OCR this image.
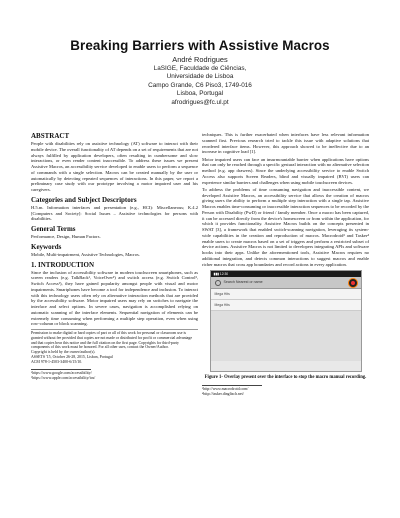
Breaking Barriers with Assistive Macros
André Rodrigues
LaSIGE, Faculdade de Ciências,
Universidade de Lisboa
Campo Grande, C6 Piso3, 1749-016
Lisboa, Portugal
afrodrigues@fc.ul.pt
ABSTRACT

People with disabilities rely on assistive technology (AT) software to interact with their mobile device. The overall functionality of AT depends on a set of requirements that are not always fulfilled by application developers, often resulting in cumbersome and slow interactions, or even render content inaccessible. To address these issues we present Assistive Macros, an accessibility service developed to enable users to perform a sequence of commands with a single selection. Macros can be created manually by the user or automatically by detecting repeated sequences of interactions. In this paper, we report a preliminary case study with our prototype involving a motor impaired user and his caregivers.

Categories and Subject Descriptors

H.5.m. Information interfaces and presentation (e.g., HCI): Miscellaneous; K.4.2 [Computers and Society]: Social Issues – Assistive technologies for persons with disabilities.

General Terms

Performance, Design, Human Factors.

Keywords

Mobile, Multi-impairment, Assistive Technologies, Macros.

1. INTRODUCTION

Since the inclusion of accessibility software in modern touchscreen smartphones, such as screen readers (e.g. TalkBack¹, VoiceOver²) and switch access (e.g. Switch Control³, Switch Access¹), they have gained popularity amongst people with visual and motor impairments. Smartphones have become a tool for independence and inclusion. To interact with this technology users often rely on alternative interaction methods that are provided by the accessibility software. Motor impaired users may rely on switches to navigate the interface and select options. In severe cases, navigation is accomplished relying on automatic scanning of the interface elements. Sequential navigation of elements can be extremely time consuming when performing a multiple step operation, even when using row-column or block scanning.

Permission to make digital or hard copies of part or all of this work for personal or classroom use is granted without fee provided that copies are not made or distributed for profit or commercial advantage and that copies bear this notice and the full citation on the first page. Copyrights for third-party components of this work must be honored. For all other uses, contact the Owner/Author.
Copyright is held by the owner/author(s).
ASSETS '15, October 26-28, 2015, Lisbon, Portugal
ACM 978-1-4503-3400-6/15/10.
¹https://www.google.com/accessibility/
²https://www.apple.com/accessibility/ios/

techniques. This is further exacerbated when interfaces have less relevant information scanned first. Previous research tried to tackle this issue with adaptive solutions that reordered interface items. However, this approach showed to be ineffective due to an increase in cognitive load [1].

Motor impaired users can face an insurmountable barrier when applications have options that can only be reached through a specific gestural interaction with no alternative selection method (e.g. app drawers). Since the underlying accessibility service to enable Switch Access also supports Screen Readers, blind and visually impaired (BVI) users can experience similar barriers and challenges when using mobile touchscreen devices.

To address the problems of time consuming navigation and inaccessible content, we developed Assistive Macros, an accessibility service that allows the creation of macros giving users the ability to perform a multiple step interaction with a single tap. Assistive Macros enables time-consuming or inaccessible interaction sequences to be recorded by the Person with Disability (PwD) or friend / family member. Once a macro has been captured, it can be accessed directly from the device's homescreen or from within the application, for which it provides functionality. Assistive Macros builds on the concepts presented in SWAT [3], a framework that enabled switch-scanning navigation, leveraging its system-wide capabilities in the creation and reproduction of macros. Macrodroid³ and Tasker⁴ enable users to create macros based on a set of triggers and perform a restricted subset of device actions. Assistive Macros is not limited to developers integrating APIs and software hooks into their apps. Unlike the aforementioned tools, Assistive Macros requires no additional integration, and detects common interactions to suggest macros and enable richer macros that cross app boundaries and record actions in every application.

▮▮▮ 12:30
Search Nearest or name
Mega Hits
Mega Hits
Figure 1- Overlay present over the interface to stop the macro manual recording.
³http://www.macrodroid.com/
⁴http://tasker.dinglisch.net/
